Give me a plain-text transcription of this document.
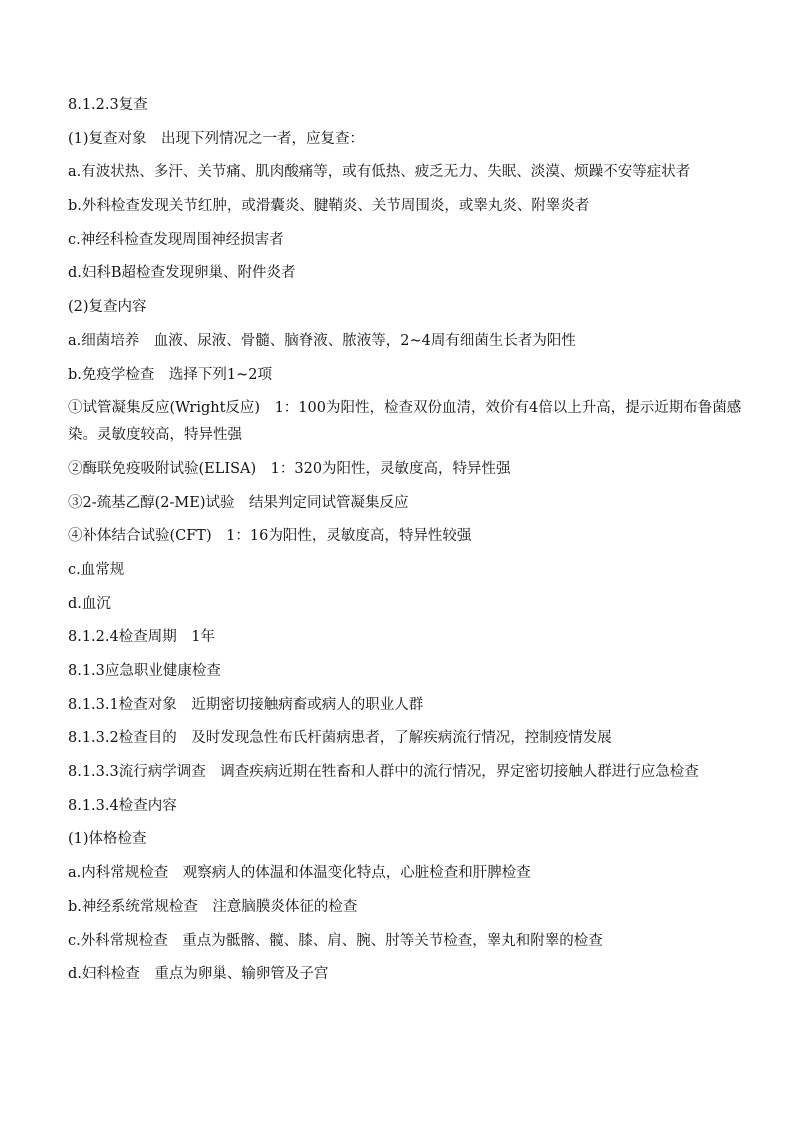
8.1.2.3复查

(1)复查对象　出现下列情况之一者，应复查：

a.有波状热、多汗、关节痛、肌肉酸痛等，或有低热、疲乏无力、失眠、淡漠、烦躁不安等症状者

b.外科检查发现关节红肿，或滑囊炎、腱鞘炎、关节周围炎，或睾丸炎、附睾炎者

c.神经科检查发现周围神经损害者

d.妇科B超检查发现卵巢、附件炎者

(2)复查内容

a.细菌培养　血液、尿液、骨髓、脑脊液、脓液等，2~4周有细菌生长者为阳性

b.免疫学检查　选择下列1~2项

①试管凝集反应(Wright反应)　1：100为阳性，检查双份血清，效价有4倍以上升高，提示近期布鲁菌感染。灵敏度较高，特异性强

②酶联免疫吸附试验(ELISA)　1：320为阳性，灵敏度高，特异性强

③2-巯基乙醇(2-ME)试验　结果判定同试管凝集反应

④补体结合试验(CFT)　1：16为阳性，灵敏度高，特异性较强

c.血常规

d.血沉

8.1.2.4检查周期　1年

8.1.3应急职业健康检查

8.1.3.1检查对象　近期密切接触病畜或病人的职业人群

8.1.3.2检查目的　及时发现急性布氏杆菌病患者，了解疾病流行情况，控制疫情发展

8.1.3.3流行病学调查　调查疾病近期在牲畜和人群中的流行情况，界定密切接触人群进行应急检查

8.1.3.4检查内容

(1)体格检查

a.内科常规检查　观察病人的体温和体温变化特点，心脏检查和肝脾检查

b.神经系统常规检查　注意脑膜炎体征的检查

c.外科常规检查　重点为骶髂、髋、膝、肩、腕、肘等关节检查，睾丸和附睾的检查

d.妇科检查　重点为卵巢、输卵管及子宫
